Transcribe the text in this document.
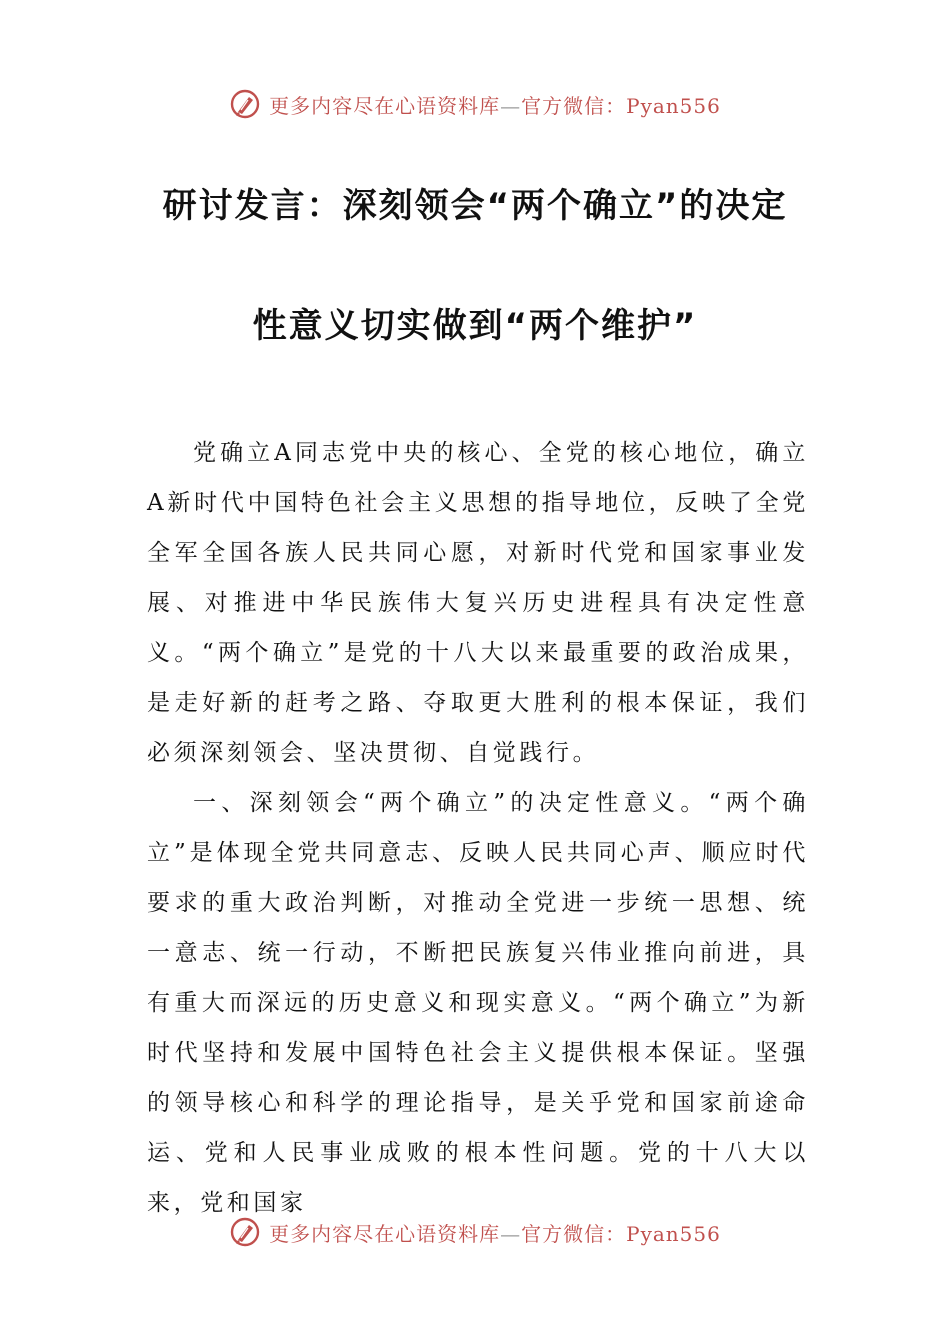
更多内容尽在心语资料库—官方微信：Pyan556
研讨发言：深刻领会“两个确立”的决定
性意义切实做到“两个维护”

党确立A同志党中央的核心、全党的核心地位，确立A新时代中国特色社会主义思想的指导地位，反映了全党全军全国各族人民共同心愿，对新时代党和国家事业发展、对推进中华民族伟大复兴历史进程具有决定性意义。“两个确立”是党的十八大以来最重要的政治成果，是走好新的赶考之路、夺取更大胜利的根本保证，我们必须深刻领会、坚决贯彻、自觉践行。

一、深刻领会“两个确立”的决定性意义。“两个确立”是体现全党共同意志、反映人民共同心声、顺应时代要求的重大政治判断，对推动全党进一步统一思想、统一意志、统一行动，不断把民族复兴伟业推向前进，具有重大而深远的历史意义和现实意义。“两个确立”为新时代坚持和发展中国特色社会主义提供根本保证。坚强的领导核心和科学的理论指导，是关乎党和国家前途命运、党和人民事业成败的根本性问题。党的十八大以来，党和国家

更多内容尽在心语资料库—官方微信：Pyan556
